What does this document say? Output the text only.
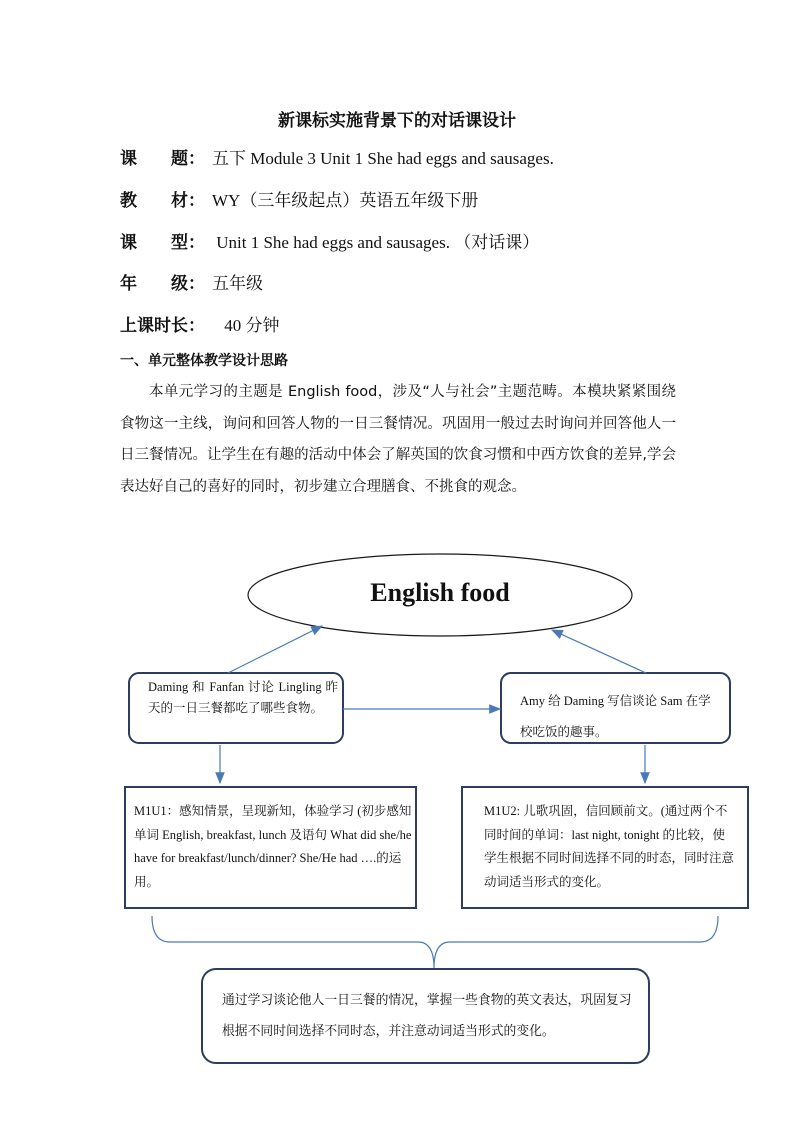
新课标实施背景下的对话课设计
课　　题： 五下 Module 3 Unit 1 She had eggs and sausages.
教　　材： WY（三年级起点）英语五年级下册
课　　型： Unit 1 She had eggs and sausages. （对话课）
年　　级： 五年级
上课时长： 40 分钟
一、单元整体教学设计思路
本单元学习的主题是 English food，涉及“人与社会”主题范畴。本模块紧紧围绕食物这一主线，询问和回答人物的一日三餐情况。巩固用一般过去时询问并回答他人一日三餐情况。让学生在有趣的活动中体会了解英国的饮食习惯和中西方饮食的差异,学会表达好自己的喜好的同时，初步建立合理膳食、不挑食的观念。
English food
Daming 和 Fanfan 讨论 Lingling 昨天的一日三餐都吃了哪些食物。	Amy 给 Daming 写信谈论 Sam 在学校吃饭的趣事。
M1U1：感知情景，呈现新知，体验学习 (初步感知单词 English, breakfast, lunch 及语句 What did she/he have for breakfast/lunch/dinner? She/He had ….的运用。
M1U2: 儿歌巩固，信回顾前文。(通过两个不同时间的单词：last night, tonight 的比较，使学生根据不同时间选择不同的时态，同时注意动词适当形式的变化。
通过学习谈论他人一日三餐的情况，掌握一些食物的英文表达，巩固复习根据不同时间选择不同时态，并注意动词适当形式的变化。
